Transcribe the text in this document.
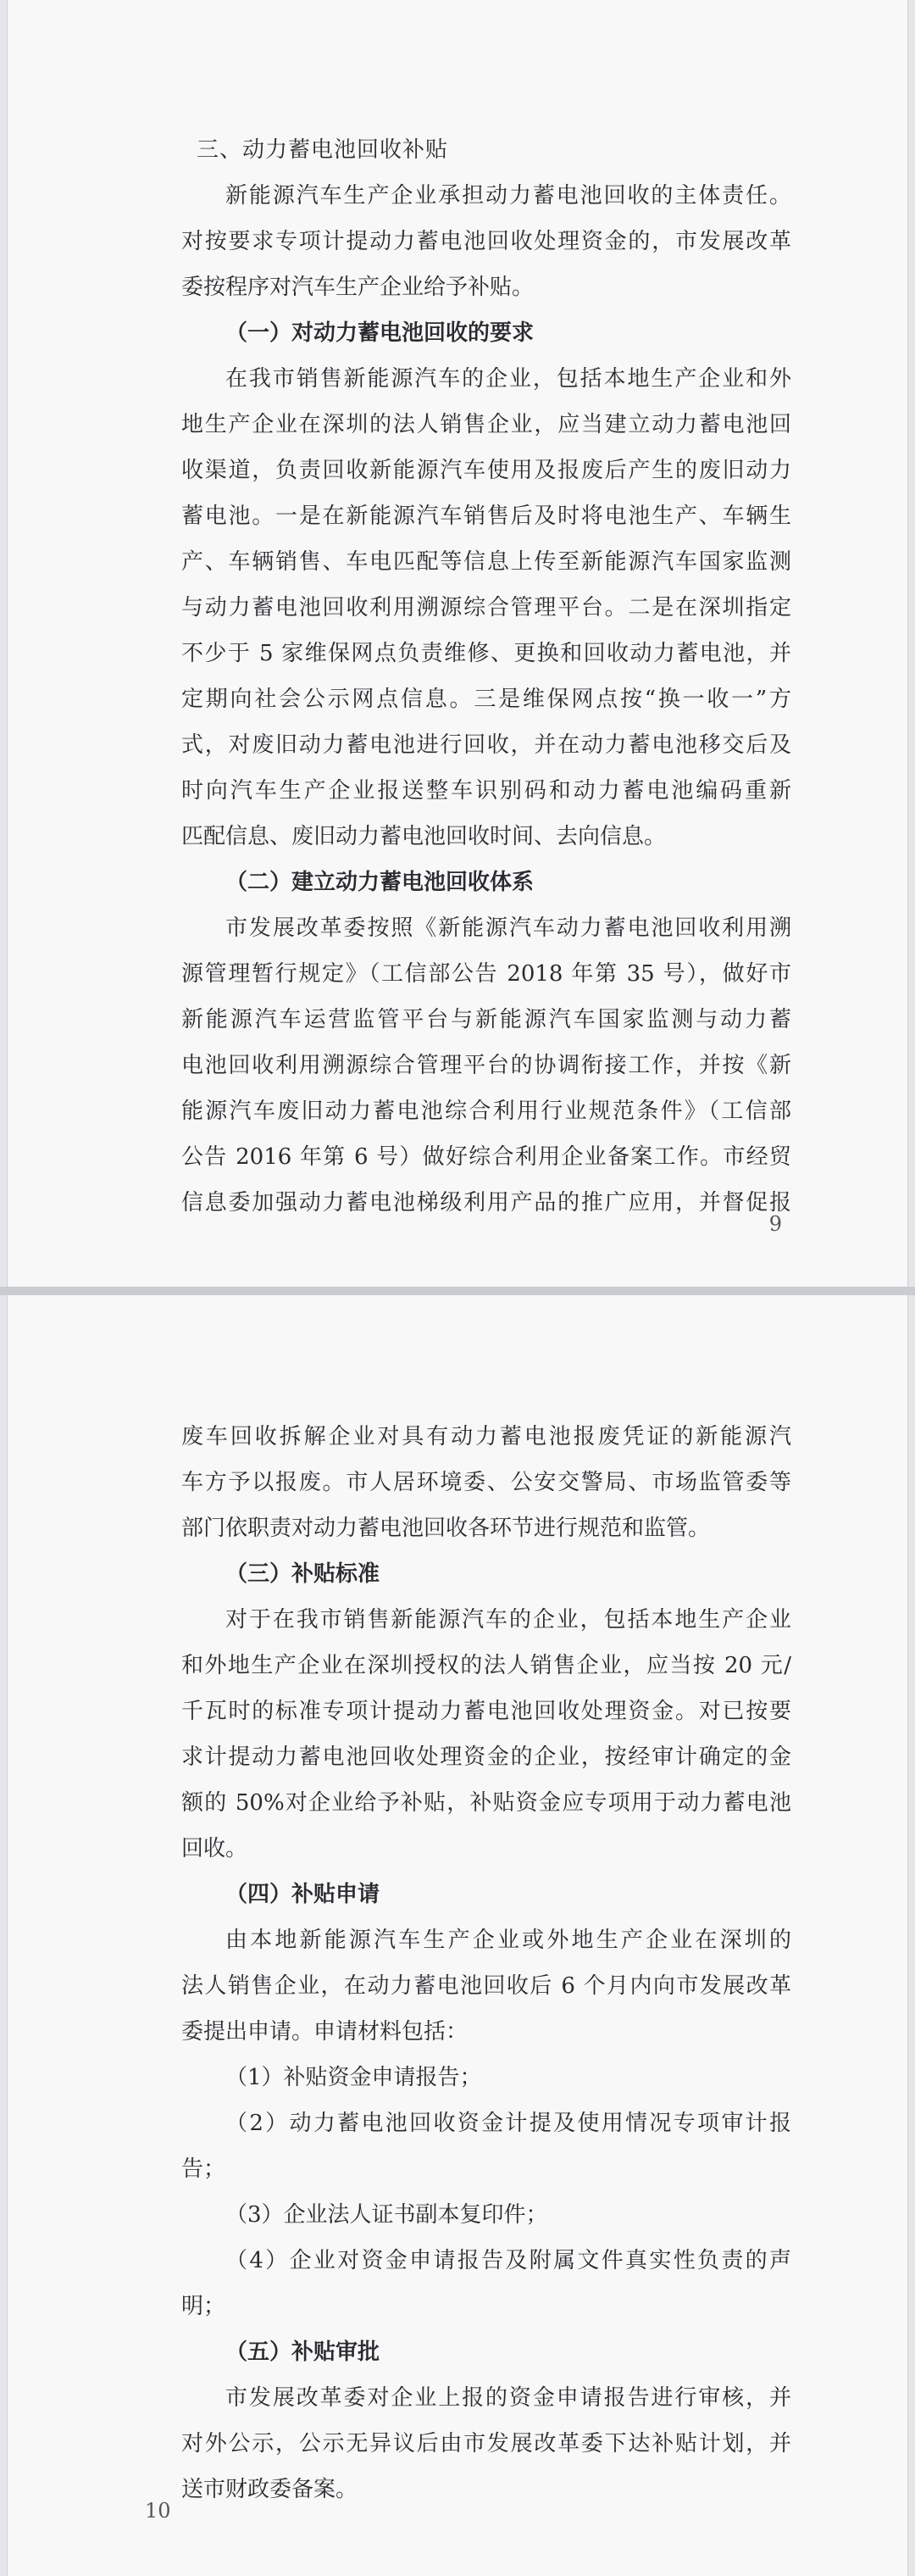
三、动力蓄电池回收补贴
新能源汽车生产企业承担动力蓄电池回收的主体责任。
对按要求专项计提动力蓄电池回收处理资金的，市发展改革
委按程序对汽车生产企业给予补贴。
（一）对动力蓄电池回收的要求
在我市销售新能源汽车的企业，包括本地生产企业和外
地生产企业在深圳的法人销售企业，应当建立动力蓄电池回
收渠道，负责回收新能源汽车使用及报废后产生的废旧动力
蓄电池。一是在新能源汽车销售后及时将电池生产、车辆生
产、车辆销售、车电匹配等信息上传至新能源汽车国家监测
与动力蓄电池回收利用溯源综合管理平台。二是在深圳指定
不少于 5 家维保网点负责维修、更换和回收动力蓄电池，并
定期向社会公示网点信息。三是维保网点按“换一收一”方
式，对废旧动力蓄电池进行回收，并在动力蓄电池移交后及
时向汽车生产企业报送整车识别码和动力蓄电池编码重新
匹配信息、废旧动力蓄电池回收时间、去向信息。
（二）建立动力蓄电池回收体系
市发展改革委按照《新能源汽车动力蓄电池回收利用溯
源管理暂行规定》（工信部公告 2018 年第 35 号），做好市
新能源汽车运营监管平台与新能源汽车国家监测与动力蓄
电池回收利用溯源综合管理平台的协调衔接工作，并按《新
能源汽车废旧动力蓄电池综合利用行业规范条件》（工信部
公告 2016 年第 6 号）做好综合利用企业备案工作。市经贸
信息委加强动力蓄电池梯级利用产品的推广应用，并督促报
9
废车回收拆解企业对具有动力蓄电池报废凭证的新能源汽
车方予以报废。市人居环境委、公安交警局、市场监管委等
部门依职责对动力蓄电池回收各环节进行规范和监管。
（三）补贴标准
对于在我市销售新能源汽车的企业，包括本地生产企业
和外地生产企业在深圳授权的法人销售企业，应当按 20 元/
千瓦时的标准专项计提动力蓄电池回收处理资金。对已按要
求计提动力蓄电池回收处理资金的企业，按经审计确定的金
额的 50%对企业给予补贴，补贴资金应专项用于动力蓄电池
回收。
（四）补贴申请
由本地新能源汽车生产企业或外地生产企业在深圳的
法人销售企业，在动力蓄电池回收后 6 个月内向市发展改革
委提出申请。申请材料包括：
（1）补贴资金申请报告；
（2）动力蓄电池回收资金计提及使用情况专项审计报
告；
（3）企业法人证书副本复印件；
（4）企业对资金申请报告及附属文件真实性负责的声
明；
（五）补贴审批
市发展改革委对企业上报的资金申请报告进行审核，并
对外公示，公示无异议后由市发展改革委下达补贴计划，并
送市财政委备案。
10
